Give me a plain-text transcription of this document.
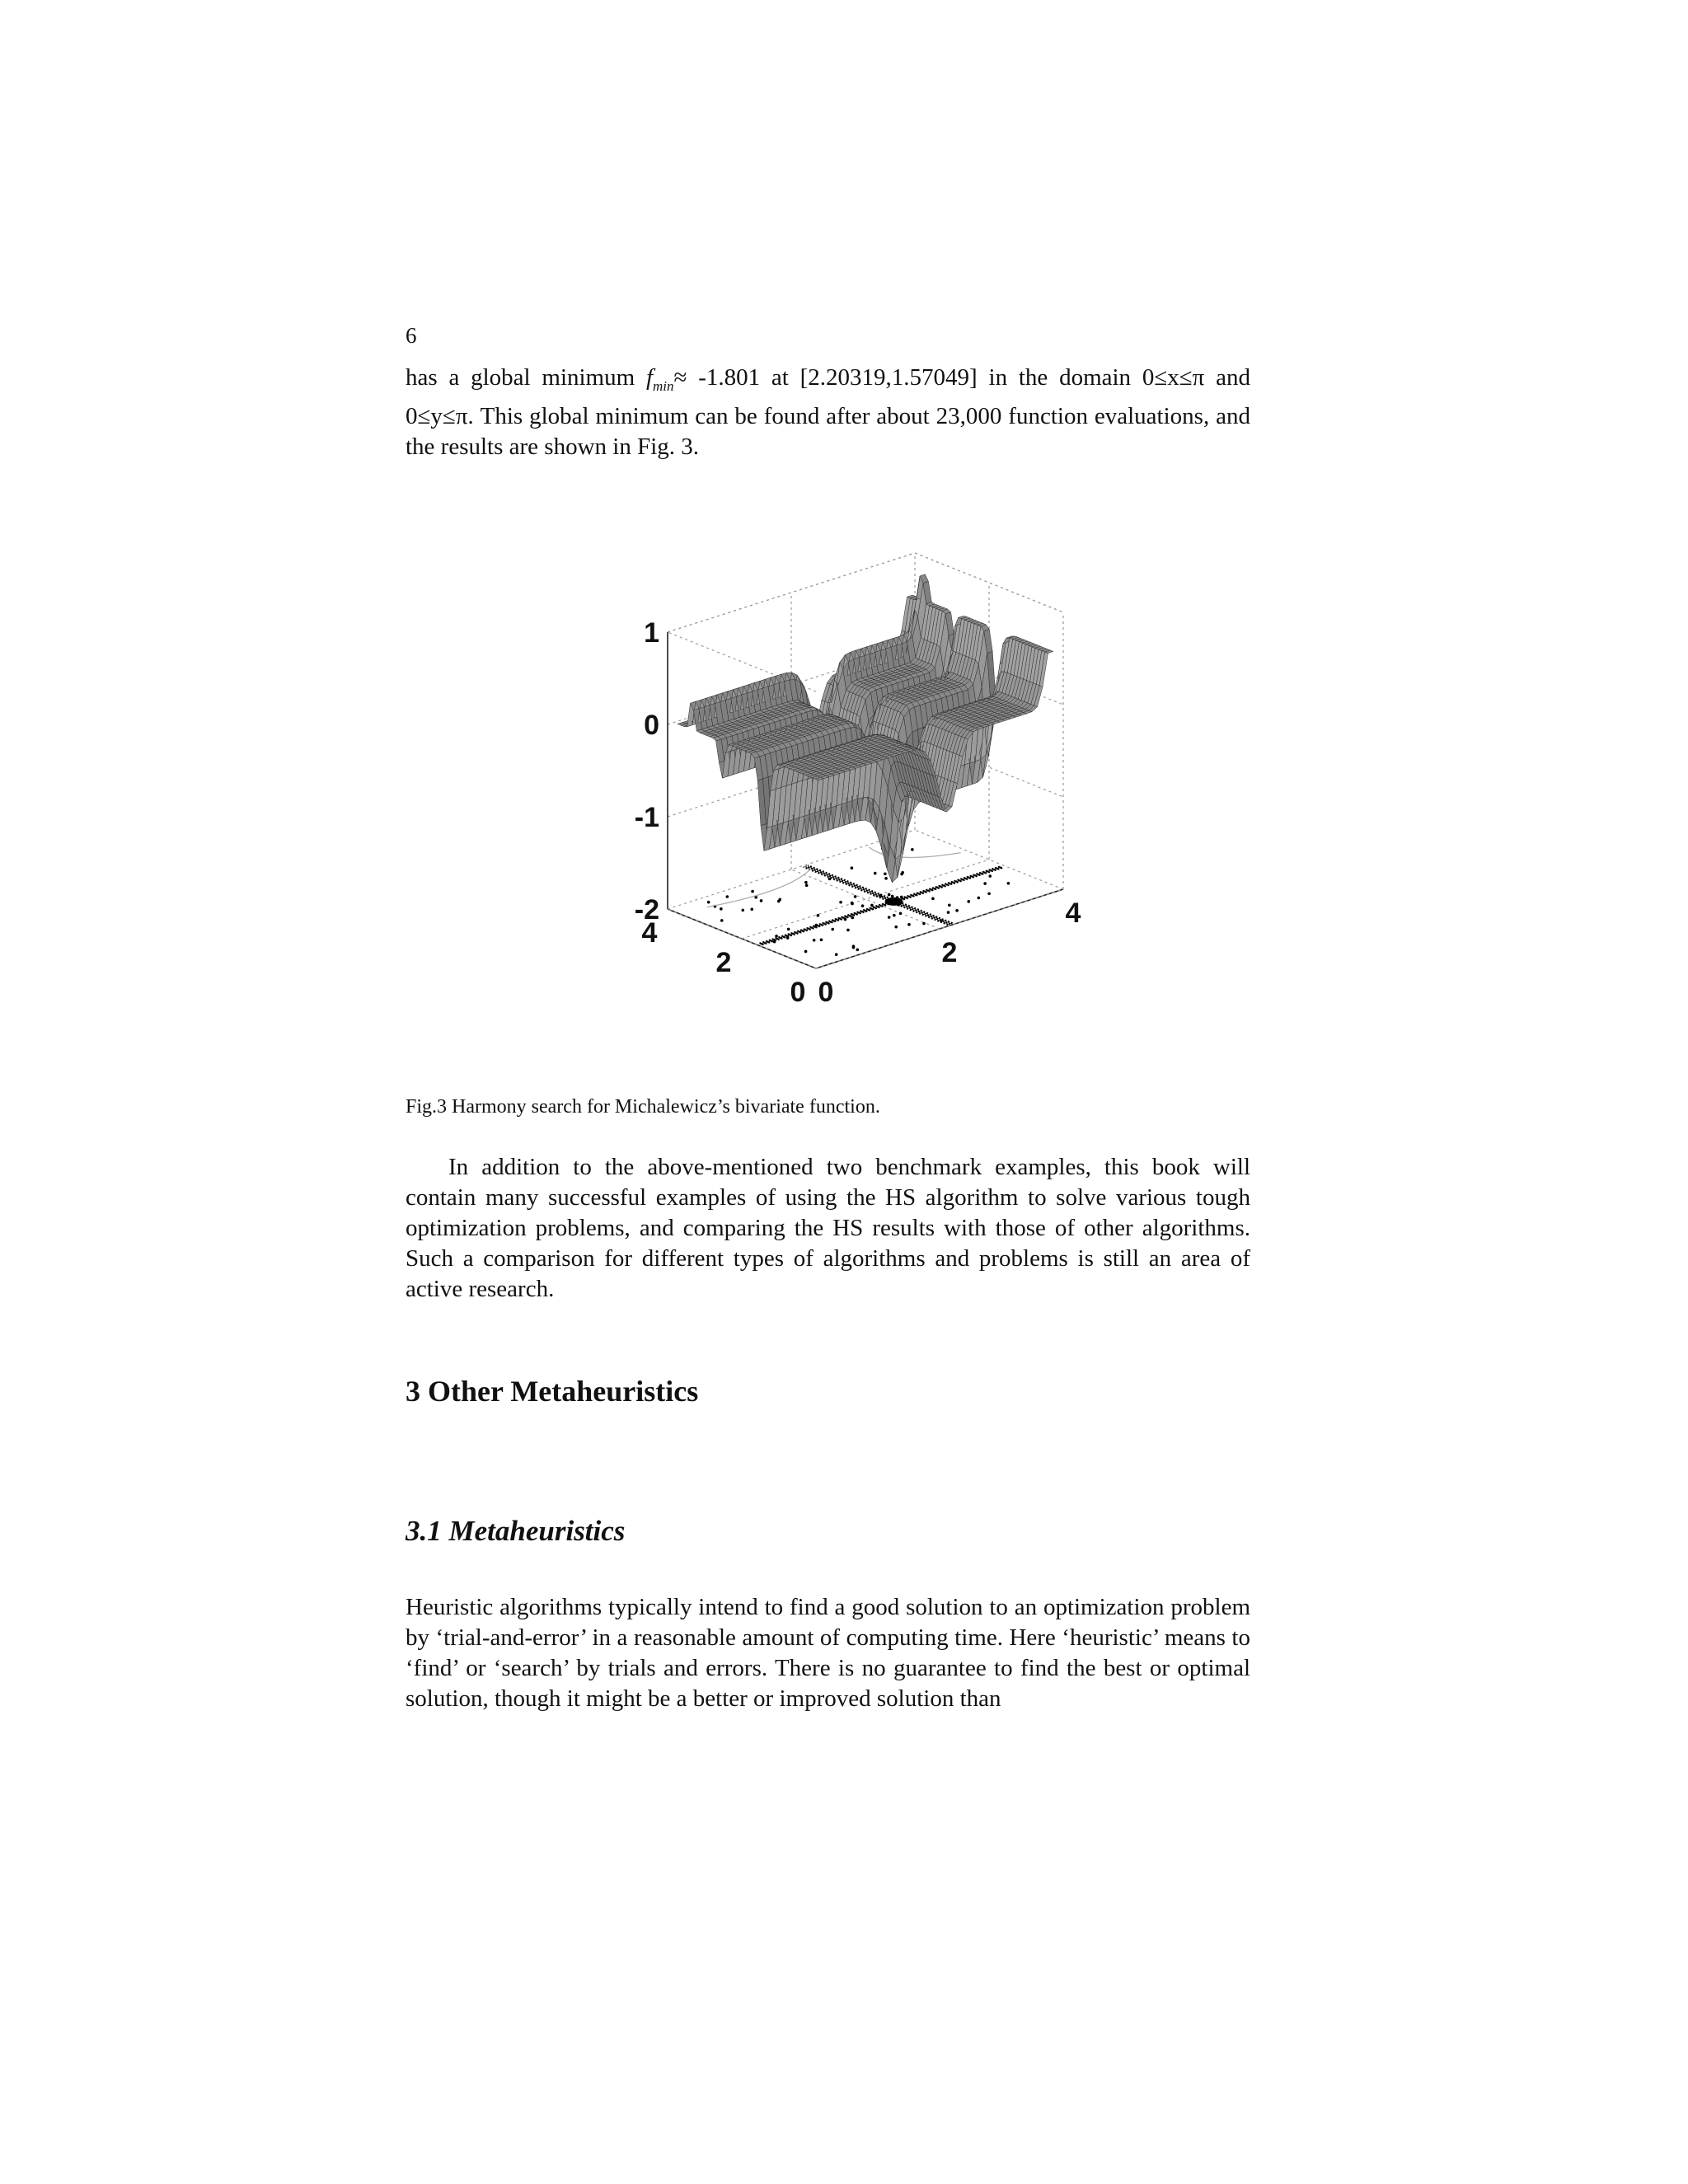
6
has a global minimum $f_{min}\approx -1.801$ at [2.20319,1.57049] in the domain 0≤x≤π and 0≤y≤π. This global minimum can be found after about 23,000 function evaluations, and the results are shown in Fig. 3.
1
0
-1
-2
0
2
4
0
2
4
Fig.3 Harmony search for Michalewicz’s bivariate function.
In addition to the above-mentioned two benchmark examples, this book will contain many successful examples of using the HS algorithm to solve various tough optimization problems, and comparing the HS results with those of other algorithms. Such a comparison for different types of algorithms and problems is still an area of active research.
3 Other Metaheuristics
3.1 Metaheuristics
Heuristic algorithms typically intend to find a good solution to an optimization problem by ‘trial-and-error’ in a reasonable amount of computing time. Here ‘heuristic’ means to ‘find’ or ‘search’ by trials and errors. There is no guarantee to find the best or optimal solution, though it might be a better or improved solution than
